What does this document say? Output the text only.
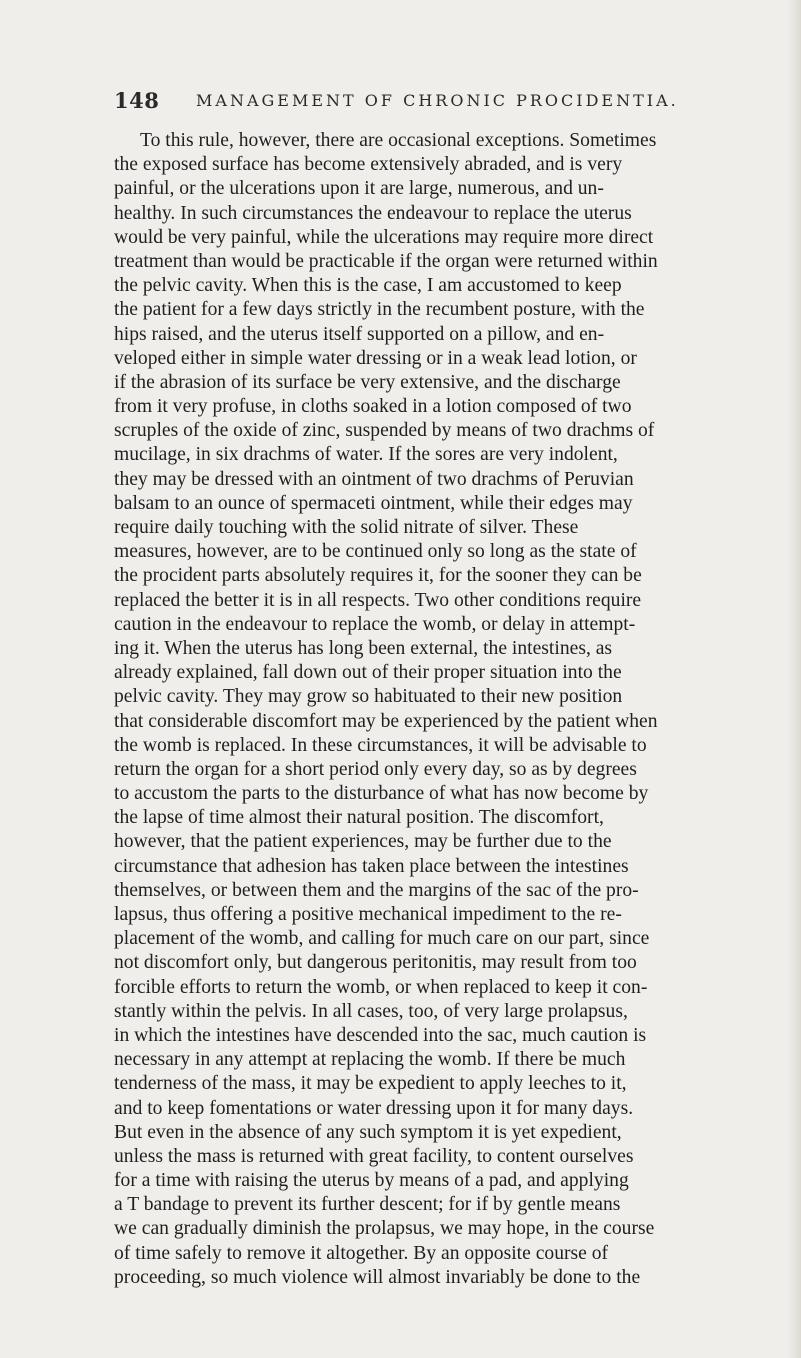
148 MANAGEMENT OF CHRONIC PROCIDENTIA.
To this rule, however, there are occasional exceptions. Sometimes
the exposed surface has become extensively abraded, and is very
painful, or the ulcerations upon it are large, numerous, and un-
healthy. In such circumstances the endeavour to replace the uterus
would be very painful, while the ulcerations may require more direct
treatment than would be practicable if the organ were returned within
the pelvic cavity. When this is the case, I am accustomed to keep
the patient for a few days strictly in the recumbent posture, with the
hips raised, and the uterus itself supported on a pillow, and en-
veloped either in simple water dressing or in a weak lead lotion, or
if the abrasion of its surface be very extensive, and the discharge
from it very profuse, in cloths soaked in a lotion composed of two
scruples of the oxide of zinc, suspended by means of two drachms of
mucilage, in six drachms of water. If the sores are very indolent,
they may be dressed with an ointment of two drachms of Peruvian
balsam to an ounce of spermaceti ointment, while their edges may
require daily touching with the solid nitrate of silver. These
measures, however, are to be continued only so long as the state of
the procident parts absolutely requires it, for the sooner they can be
replaced the better it is in all respects. Two other conditions require
caution in the endeavour to replace the womb, or delay in attempt-
ing it. When the uterus has long been external, the intestines, as
already explained, fall down out of their proper situation into the
pelvic cavity. They may grow so habituated to their new position
that considerable discomfort may be experienced by the patient when
the womb is replaced. In these circumstances, it will be advisable to
return the organ for a short period only every day, so as by degrees
to accustom the parts to the disturbance of what has now become by
the lapse of time almost their natural position. The discomfort,
however, that the patient experiences, may be further due to the
circumstance that adhesion has taken place between the intestines
themselves, or between them and the margins of the sac of the pro-
lapsus, thus offering a positive mechanical impediment to the re-
placement of the womb, and calling for much care on our part, since
not discomfort only, but dangerous peritonitis, may result from too
forcible efforts to return the womb, or when replaced to keep it con-
stantly within the pelvis. In all cases, too, of very large prolapsus,
in which the intestines have descended into the sac, much caution is
necessary in any attempt at replacing the womb. If there be much
tenderness of the mass, it may be expedient to apply leeches to it,
and to keep fomentations or water dressing upon it for many days.
But even in the absence of any such symptom it is yet expedient,
unless the mass is returned with great facility, to content ourselves
for a time with raising the uterus by means of a pad, and applying
a T bandage to prevent its further descent; for if by gentle means
we can gradually diminish the prolapsus, we may hope, in the course
of time safely to remove it altogether. By an opposite course of
proceeding, so much violence will almost invariably be done to the
